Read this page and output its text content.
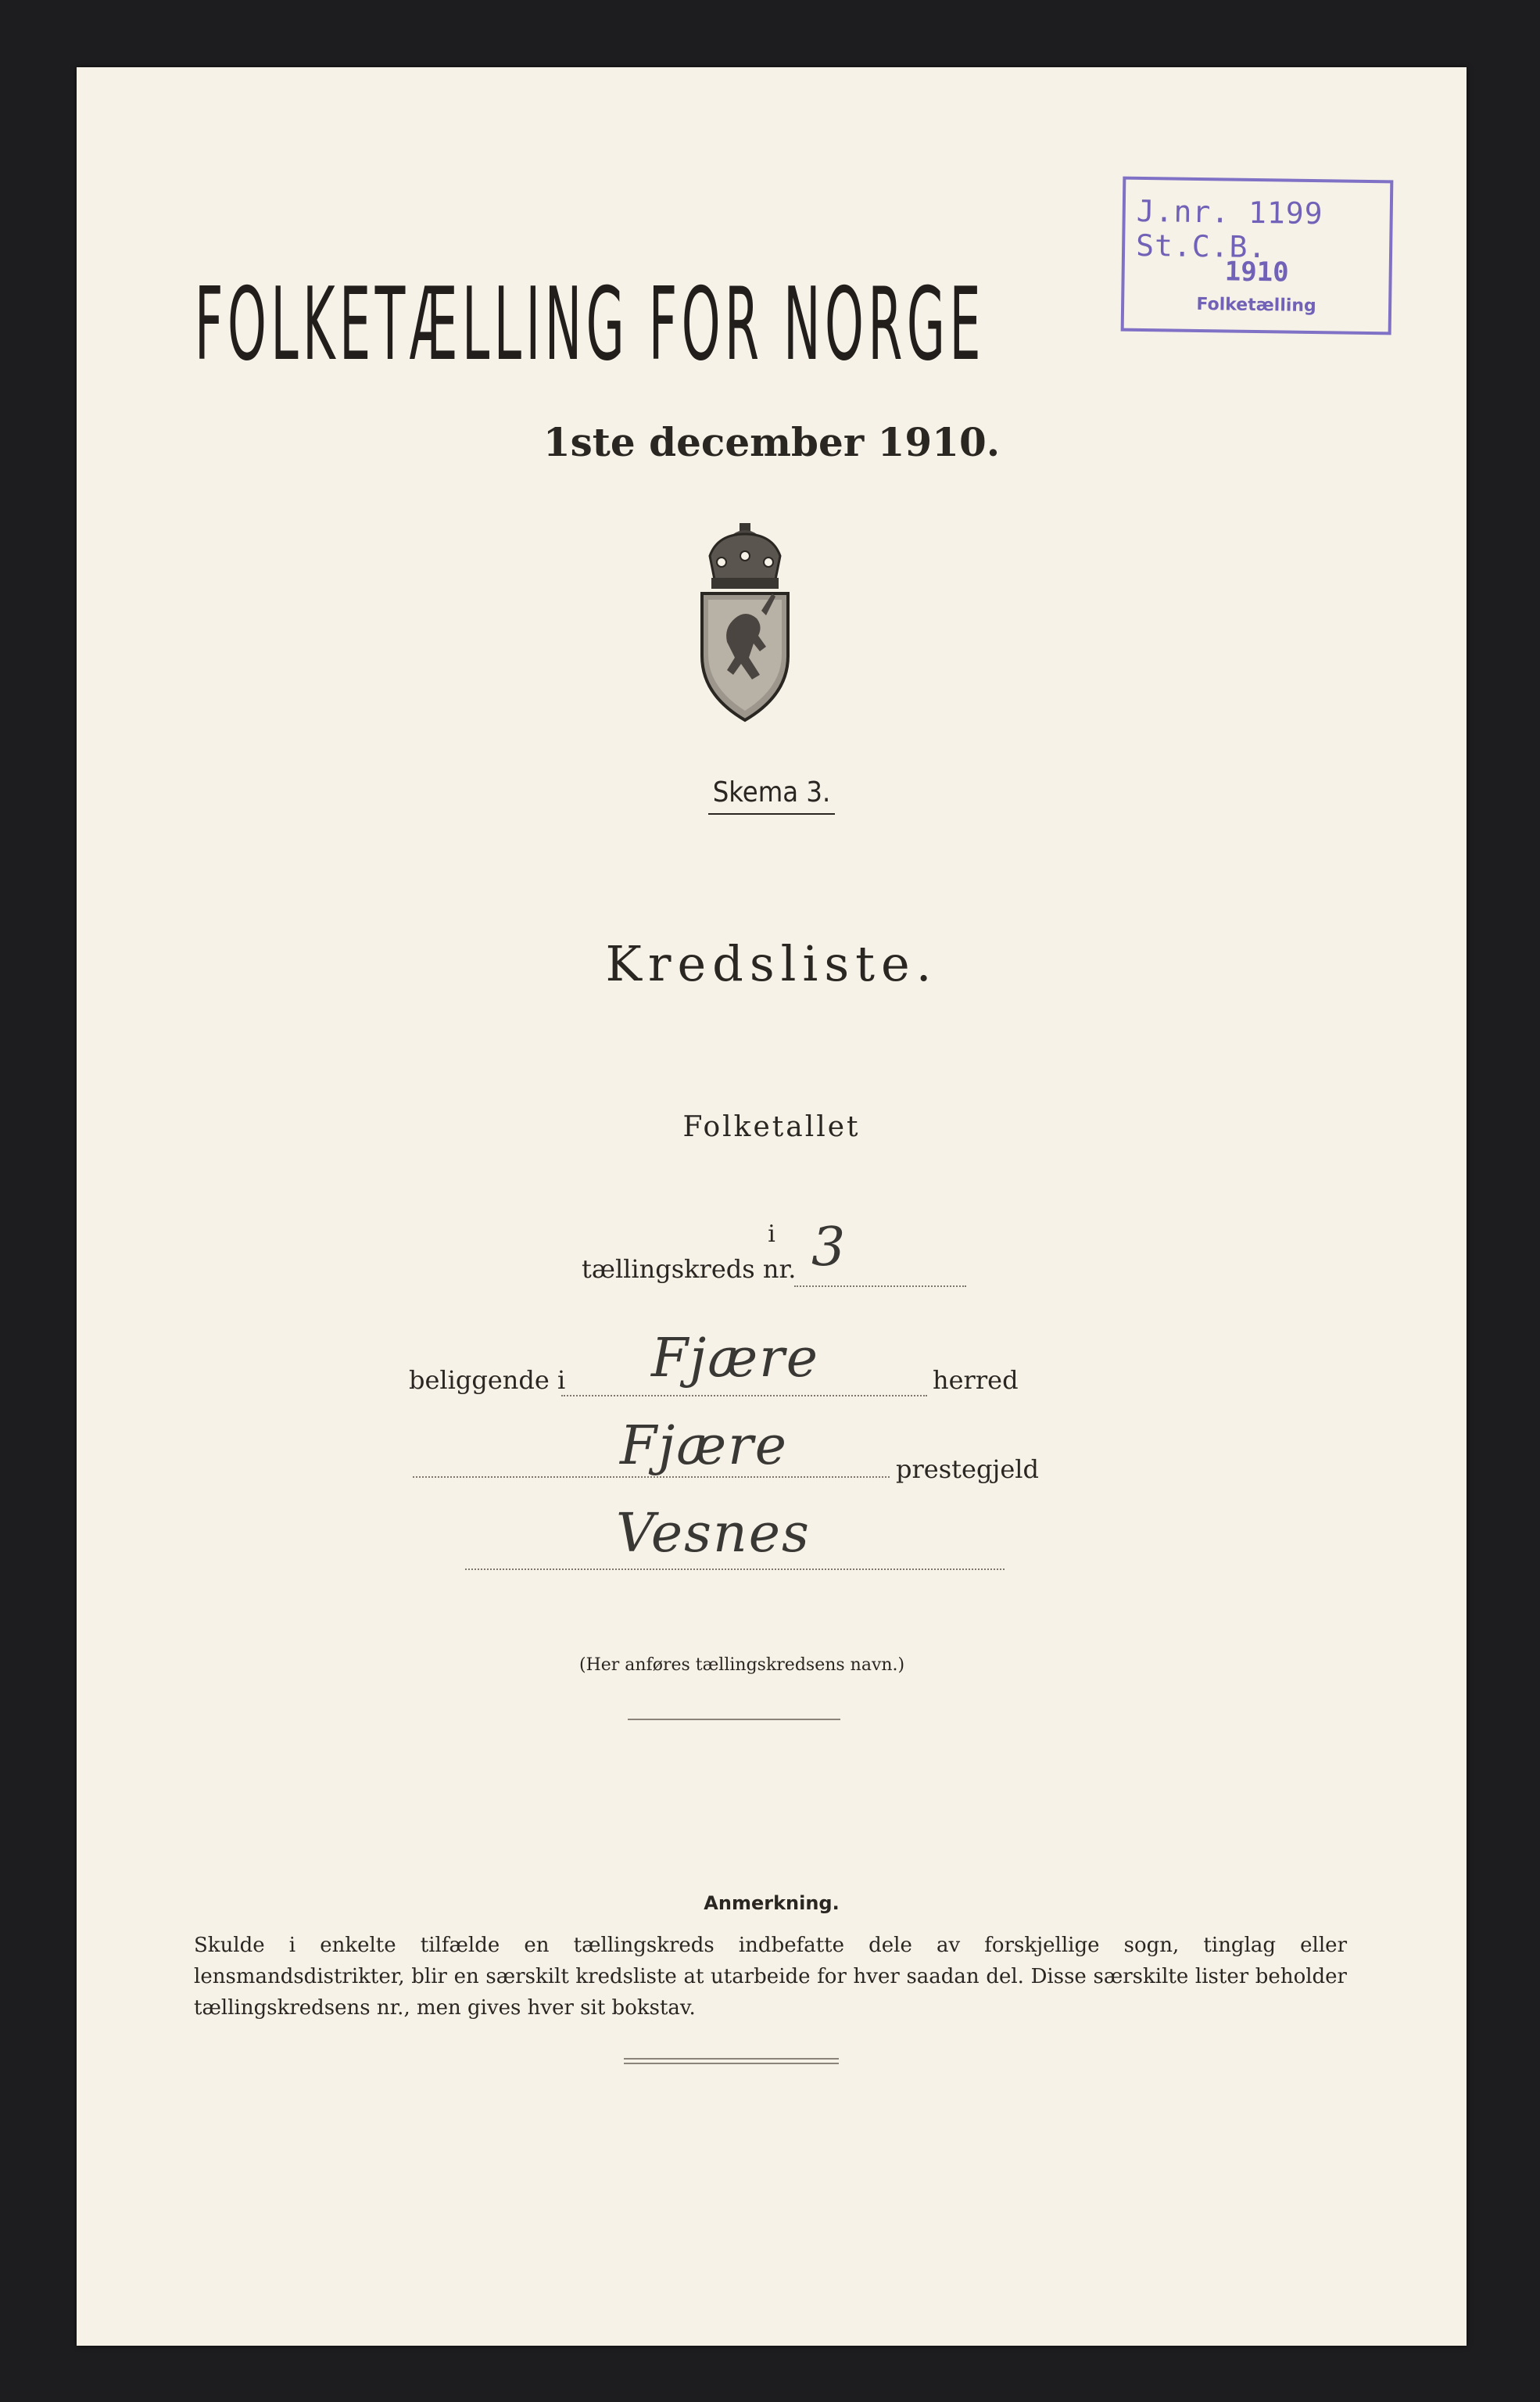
J.nr. 1199 St.C.B.
1910
Folketælling
FOLKETÆLLING FOR NORGE
1ste december 1910.
Skema 3.
Kredsliste.
Folketallet
i
tællingskreds nr. 3
beliggende i Fjære	herred
Fjære	prestegjeld
Vesnes
(Her anføres tællingskredsens navn.)
Anmerkning.
Skulde i enkelte tilfælde en tællingskreds indbefatte dele av forskjellige sogn, tinglag eller lensmandsdistrikter, blir en særskilt kredsliste at utarbeide for hver saadan del. Disse særskilte lister beholder tællingskredsens nr., men gives hver sit bokstav.
